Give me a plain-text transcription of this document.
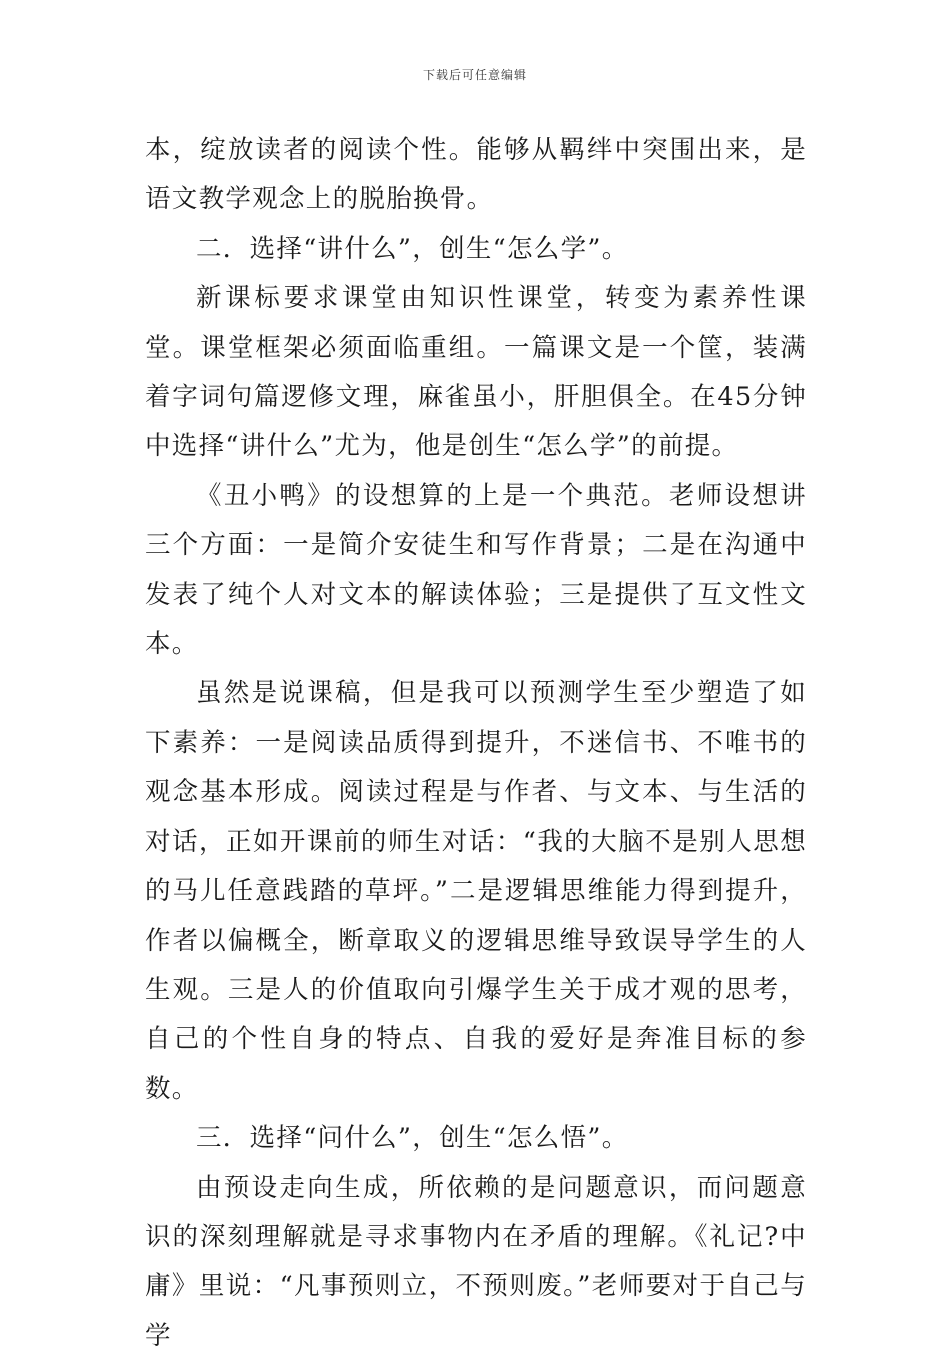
下载后可任意编辑

本，绽放读者的阅读个性。能够从羁绊中突围出来，是语文教学观念上的脱胎换骨。

二．选择“讲什么”，创生“怎么学”。

新课标要求课堂由知识性课堂，转变为素养性课堂。课堂框架必须面临重组。一篇课文是一个筐，装满着字词句篇逻修文理，麻雀虽小，肝胆俱全。在45分钟中选择“讲什么”尤为，他是创生“怎么学”的前提。

《丑小鸭》的设想算的上是一个典范。老师设想讲三个方面：一是简介安徒生和写作背景；二是在沟通中发表了纯个人对文本的解读体验；三是提供了互文性文本。

虽然是说课稿，但是我可以预测学生至少塑造了如下素养：一是阅读品质得到提升，不迷信书、不唯书的观念基本形成。阅读过程是与作者、与文本、与生活的对话，正如开课前的师生对话：“我的大脑不是别人思想的马儿任意践踏的草坪。”二是逻辑思维能力得到提升，作者以偏概全，断章取义的逻辑思维导致误导学生的人生观。三是人的价值取向引爆学生关于成才观的思考，自己的个性自身的特点、自我的爱好是奔准目标的参数。

三．选择“问什么”，创生“怎么悟”。

由预设走向生成，所依赖的是问题意识，而问题意识的深刻理解就是寻求事物内在矛盾的理解。《礼记?中庸》里说：“凡事预则立，不预则废。”老师要对于自己与学
